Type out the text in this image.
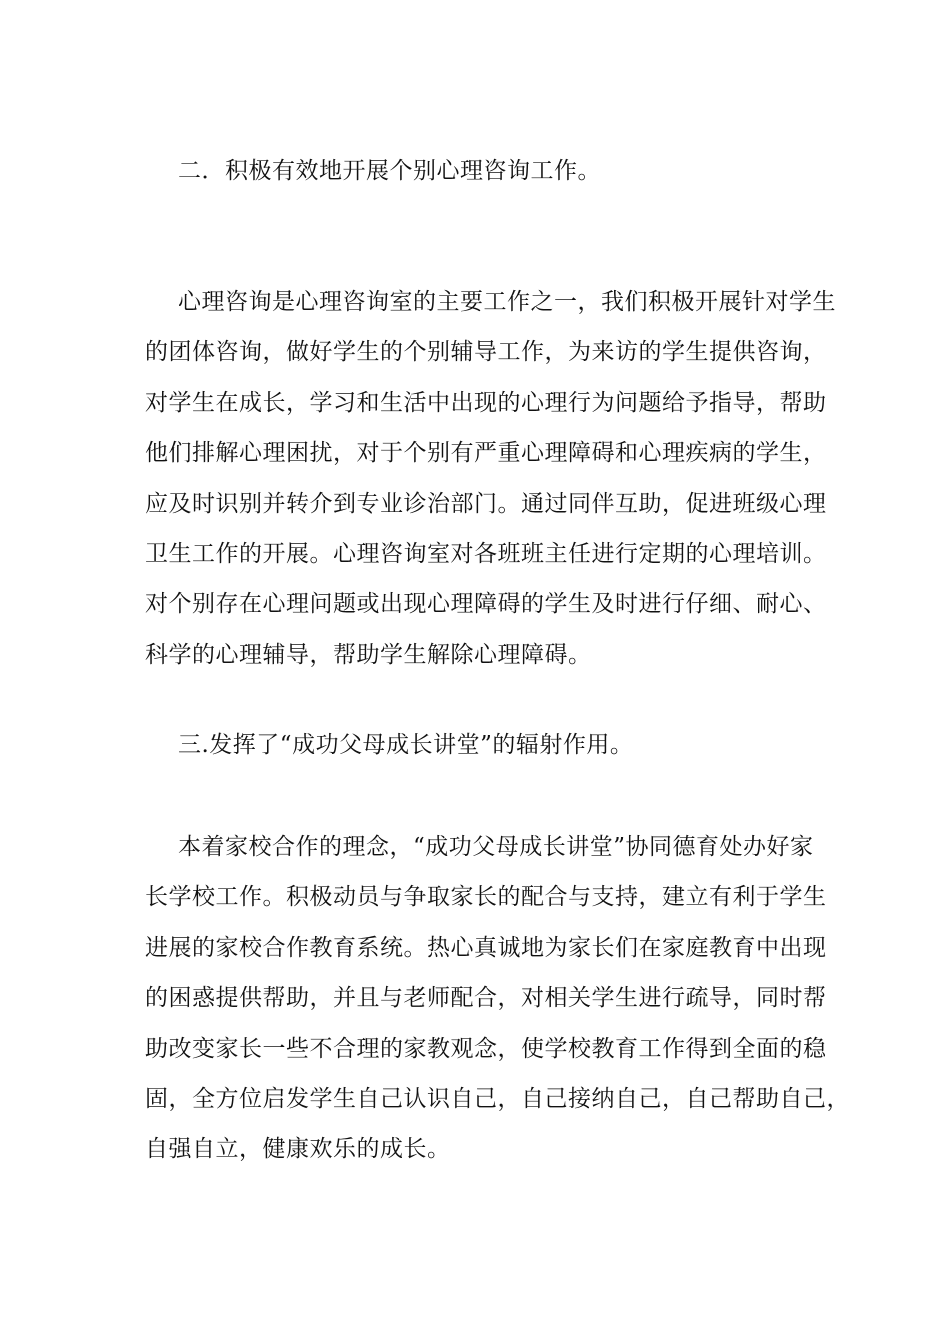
二．积极有效地开展个别心理咨询工作。
心理咨询是心理咨询室的主要工作之一，我们积极开展针对学生
的团体咨询，做好学生的个别辅导工作，为来访的学生提供咨询，
对学生在成长，学习和生活中出现的心理行为问题给予指导，帮助
他们排解心理困扰，对于个别有严重心理障碍和心理疾病的学生，
应及时识别并转介到专业诊治部门。通过同伴互助，促进班级心理
卫生工作的开展。心理咨询室对各班班主任进行定期的心理培训。
对个别存在心理问题或出现心理障碍的学生及时进行仔细、耐心、
科学的心理辅导，帮助学生解除心理障碍。
三.发挥了“成功父母成长讲堂”的辐射作用。
本着家校合作的理念，“成功父母成长讲堂”协同德育处办好家
长学校工作。积极动员与争取家长的配合与支持，建立有利于学生
进展的家校合作教育系统。热心真诚地为家长们在家庭教育中出现
的困惑提供帮助，并且与老师配合，对相关学生进行疏导，同时帮
助改变家长一些不合理的家教观念，使学校教育工作得到全面的稳
固，全方位启发学生自己认识自己，自己接纳自己，自己帮助自己，
自强自立，健康欢乐的成长。
